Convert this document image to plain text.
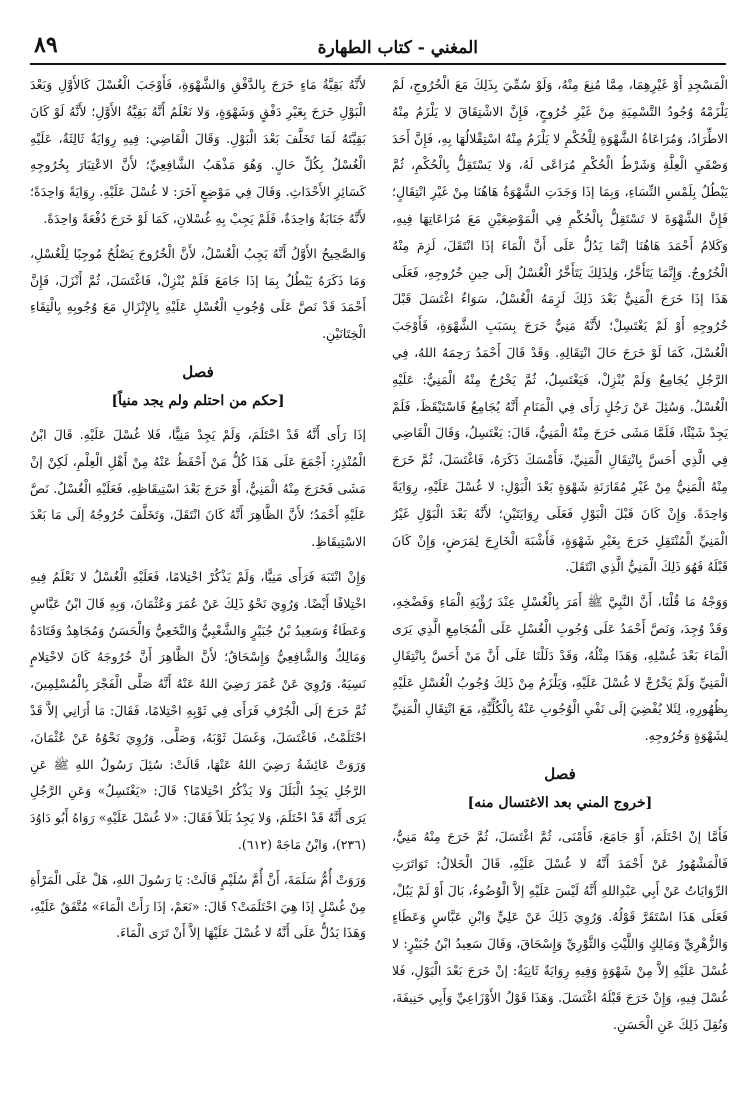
المغني - كتاب الطهارة
٨٩

الْمَسْجِدِ أَوْ غَيْرِهِمَا، مِمَّا مُنِعَ مِنْهُ، وَلَوْ سُمِّيَ بِذَلِكَ مَعَ الْخُرُوجِ، لَمْ يَلْزَمْهُ وُجُودُ التَّسْمِيَةِ مِنْ غَيْرِ خُرُوجٍ، فَإِنَّ الاشْتِقَاقَ لا يَلْزَمُ مِنْهُ الاطِّرَادُ، وَمُرَاعَاةُ الشَّهْوَةِ لِلْحُكْمِ لا يَلْزَمُ مِنْهُ اسْتِقْلالُهَا بِهِ، فَإِنَّ أَحَدَ وَصْفَيِ الْعِلَّةِ وَشَرْطُ الْحُكْمِ مُرَاعًى لَهُ، وَلا يَسْتَقِلُّ بِالْحُكْمِ، ثُمَّ يَبْطُلُ بِلَمْسِ النِّسَاءِ، وَبِمَا إذَا وَجَدَتِ الشَّهْوَةُ هَاهُنَا مِنْ غَيْرِ انْتِقَالٍ؛ فَإِنَّ الشَّهْوَةَ لا تَسْتَقِلُّ بِالْحُكْمِ فِي الْمَوْضِعَيْنِ مَعَ مُرَاعَاتِهَا فِيهِ، وَكَلامُ أَحْمَدَ هَاهُنَا إنَّمَا يَدُلُّ عَلَى أَنَّ الْمَاءَ إذَا انْتَقَلَ، لَزِمَ مِنْهُ الْخُرُوجُ. وَإِنَّمَا يَتَأَخَّرُ، وَلِذَلِكَ يَتَأَخَّرُ الْغُسْلُ إلَى حِينِ خُرُوجِهِ، فَعَلَى هَذَا إذَا خَرَجَ الْمَنِيُّ بَعْدَ ذَلِكَ لَزِمَهُ الْغُسْلُ، سَوَاءٌ اغْتَسَلَ قَبْلَ خُرُوجِهِ أَوْ لَمْ يَغْتَسِلْ؛ لأَنَّهُ مَنِيٌّ خَرَجَ بِسَبَبِ الشَّهْوَةِ، فَأَوْجَبَ الْغُسْلَ، كَمَا لَوْ خَرَجَ حَالَ انْتِقَالِهِ. وَقَدْ قَالَ أَحْمَدُ رَحِمَهُ اللهُ، فِي الرَّجُلِ يُجَامِعُ وَلَمْ يُنْزِلْ، فَيَغْتَسِلُ، ثُمَّ يَخْرُجُ مِنْهُ الْمَنِيُّ: عَلَيْهِ الْغُسْلُ. وَسُئِلَ عَنْ رَجُلٍ رَأَى فِي الْمَنَامِ أَنَّهُ يُجَامِعُ فَاسْتَيْقَظَ، فَلَمْ يَجِدْ شَيْئًا، فَلَمَّا مَشَى خَرَجَ مِنْهُ الْمَنِيُّ، قَالَ: يَغْتَسِلُ، وَقَالَ الْقَاضِي فِي الَّذِي أَحَسَّ بِانْتِقَالِ الْمَنِيِّ، فَأَمْسَكَ ذَكَرَهُ، فَاغْتَسَلَ، ثُمَّ خَرَجَ مِنْهُ الْمَنِيُّ مِنْ غَيْرِ مُقَارَنَةِ شَهْوَةٍ بَعْدَ الْبَوْلِ: لا غُسْلَ عَلَيْهِ، رِوَايَةً وَاحِدَةً. وَإِنْ كَانَ قَبْلَ الْبَوْلِ فَعَلَى رِوَايَتَيْنِ؛ لأَنَّهُ بَعْدَ الْبَوْلِ غَيْرُ الْمَنِيِّ الْمُنْتَقِلِ خَرَجَ بِغَيْرِ شَهْوَةٍ، فَأَشْبَهَ الْخَارِجَ لِمَرَضٍ، وَإِنْ كَانَ قَبْلَهُ فَهُوَ ذَلِكَ الْمَنِيُّ الَّذِي انْتَقَلَ.

وَوَجْهُ مَا قُلْنَا، أَنَّ النَّبِيَّ ﷺ أَمَرَ بِالْغُسْلِ عِنْدَ رُؤْيَةِ الْمَاءِ وَفَضْخِهِ، وَقَدْ وُجِدَ، وَنَصَّ أَحْمَدُ عَلَى وُجُوبِ الْغُسْلِ عَلَى الْمُجَامِعِ الَّذِي يَرَى الْمَاءَ بَعْدَ غُسْلِهِ، وَهَذَا مِثْلُهُ، وَقَدْ دَلَلْنَا عَلَى أَنَّ مَنْ أَحَسَّ بِانْتِقَالِ الْمَنِيِّ وَلَمْ يَخْرُجْ لا غُسْلَ عَلَيْهِ، وَيَلْزَمُ مِنْ ذَلِكَ وُجُوبُ الْغُسْلِ عَلَيْهِ بِظُهُورِهِ، لِئَلا يُفْضِيَ إلَى نَفْيِ الْوُجُوبِ عَنْهُ بِالْكُلِّيَّةِ، مَعَ انْتِقَالِ الْمَنِيِّ لِشَهْوَةٍ وَخُرُوجِهِ.

فصل
[خروج المني بعد الاغتسال منه]

فَأَمَّا إنْ احْتَلَمَ، أَوْ جَامَعَ، فَأَمْنَى، ثُمَّ اغْتَسَلَ، ثُمَّ خَرَجَ مِنْهُ مَنِيٌّ، فَالْمَشْهُورُ عَنْ أَحْمَدَ أَنَّهُ لا غُسْلَ عَلَيْهِ، قَالَ الْخَلالُ: تَوَاتَرَتِ الرِّوَايَاتُ عَنْ أَبِي عَبْدِاللهِ أَنَّهُ لَيْسَ عَلَيْهِ إلاَّ الْوُضُوءُ، بَالَ أَوْ لَمْ يَبُلْ، فَعَلَى هَذَا اسْتَقَرَّ قَوْلُهُ. وَرُوِيَ ذَلِكَ عَنْ عَلِيٍّ وَابْنِ عَبَّاسٍ وَعَطَاءٍ وَالزُّهْرِيِّ وَمَالِكٍ وَاللَّيْثِ وَالثَّوْرِيِّ وَإِسْحَاقَ، وَقَالَ سَعِيدُ ابْنُ جُبَيْرٍ: لا غُسْلَ عَلَيْهِ إلاَّ مِنْ شَهْوَةٍ وَفِيهِ رِوَايَةٌ ثَانِيَةٌ: إنْ خَرَجَ بَعْدَ الْبَوْلِ، فَلا غُسْلَ فِيهِ، وَإِنْ خَرَجَ قَبْلَهُ اغْتَسَلَ. وَهَذَا قَوْلُ الأَوْزَاعِيِّ وَأَبِي حَنِيفَةَ، وَنُقِلَ ذَلِكَ عَنِ الْحَسَنِ.

لأَنَّهُ بَقِيَّةُ مَاءٍ خَرَجَ بِالدَّفْقِ وَالشَّهْوَةِ، فَأَوْجَبَ الْغُسْلَ كَالأَوَّلِ وَبَعْدَ الْبَوْلِ خَرَجَ بِغَيْرِ دَفْقٍ وَشَهْوَةٍ، وَلا نَعْلَمُ أَنَّهُ بَقِيَّةُ الأَوَّلِ؛ لأَنَّهُ لَوْ كَانَ بَقِيَّتَهُ لَمَا تَخَلَّفَ بَعْدَ الْبَوْلِ. وَقَالَ الْقَاضِي: فِيهِ رِوَايَةٌ ثَالِثَةٌ، عَلَيْهِ الْغُسْلُ بِكُلِّ حَالٍ. وَهُوَ مَذْهَبُ الشَّافِعِيِّ؛ لأَنَّ الاعْتِبَارَ بِخُرُوجِهِ كَسَائِرِ الأَحْدَاثِ. وَقَالَ فِي مَوْضِعٍ آخَرَ: لا غُسْلَ عَلَيْهِ. رِوَايَةً وَاحِدَةً؛ لأَنَّهُ جَنَابَةٌ وَاحِدَةٌ، فَلَمْ يَجِبْ بِهِ غُسْلانِ، كَمَا لَوْ خَرَجَ دُفْعَةً وَاحِدَةً.

وَالصَّحِيحُ الأَوَّلُ أَنَّهُ يَجِبُ الْغُسْلُ، لأَنَّ الْخُرُوجَ يَصْلُحُ مُوجِبًا لِلْغُسْلِ، وَمَا ذَكَرَهُ يَبْطُلُ بِمَا إذَا جَامَعَ فَلَمْ يُنْزِلْ، فَاغْتَسَلَ، ثُمَّ أَنْزَلَ، فَإِنَّ أَحْمَدَ قَدْ نَصَّ عَلَى وُجُوبِ الْغُسْلِ عَلَيْهِ بِالإِنْزَالِ مَعَ وُجُوبِهِ بِالْتِقَاءِ الْخِتَانَيْنِ.

فصل
[حكم من احتلم ولم يجد منياً]

إذَا رَأَى أَنَّهُ قَدْ احْتَلَمَ، وَلَمْ يَجِدْ مَنِيًّا، فَلا غُسْلَ عَلَيْهِ. قَالَ ابْنُ الْمُنْذِرِ: أَجْمَعَ عَلَى هَذَا كُلُّ مَنْ أَحْفَظُ عَنْهُ مِنْ أَهْلِ الْعِلْمِ، لَكِنْ إنْ مَشَى فَخَرَجَ مِنْهُ الْمَنِيُّ، أَوْ خَرَجَ بَعْدَ اسْتِيقَاظِهِ، فَعَلَيْهِ الْغُسْلُ. نَصَّ عَلَيْهِ أَحْمَدُ؛ لأَنَّ الظَّاهِرَ أَنَّهُ كَانَ انْتَقَلَ، وَتَخَلَّفَ خُرُوجُهُ إلَى مَا بَعْدَ الاسْتِيقَاظِ.

وَإِنْ انْتَبَهَ فَرَأَى مَنِيًّا، وَلَمْ يَذْكُرْ احْتِلامًا، فَعَلَيْهِ الْغُسْلُ لا نَعْلَمُ فِيهِ اخْتِلافًا أَيْضًا. وَرُوِيَ نَحْوُ ذَلِكَ عَنْ عُمَرَ وَعُثْمَانَ، وَبِهِ قَالَ ابْنُ عَبَّاسٍ وَعَطَاءٌ وَسَعِيدُ بْنُ جُبَيْرٍ وَالشَّعْبِيُّ وَالنَّخَعِيُّ وَالْحَسَنُ وَمُجَاهِدٌ وَقَتَادَةُ وَمَالِكٌ وَالشَّافِعِيُّ وَإِسْحَاقُ؛ لأَنَّ الظَّاهِرَ أَنَّ خُرُوجَهُ كَانَ لاحْتِلامٍ نَسِيَهُ. وَرُوِيَ عَنْ عُمَرَ رَضِيَ اللهُ عَنْهُ أَنَّهُ صَلَّى الْفَجْرَ بِالْمُسْلِمِينَ، ثُمَّ خَرَجَ إلَى الْجُرْفِ فَرَأَى فِي ثَوْبِهِ احْتِلامًا، فَقَالَ: مَا أَرَانِي إلاَّ قَدْ احْتَلَمْتُ، فَاغْتَسَلَ، وَغَسَلَ ثَوْبَهُ، وَصَلَّى. وَرُوِيَ نَحْوُهُ عَنْ عُثْمَانَ، وَرَوَتْ عَائِشَةُ رَضِيَ اللهُ عَنْهَا، قَالَتْ: سُئِلَ رَسُولُ اللهِ ﷺ عَنِ الرَّجُلِ يَجِدُ الْبَلَلَ وَلا يَذْكُرُ احْتِلامًا؟ قَالَ: «يَغْتَسِلُ» وَعَنِ الرَّجُلِ يَرَى أَنَّهُ قَدْ احْتَلَمَ، وَلا يَجِدُ بَلَلاً فَقَالَ: «لا غُسْلَ عَلَيْهِ» رَوَاهُ أَبُو دَاوُدَ (٢٣٦)، وَابْنُ مَاجَهْ (٦١٢).

وَرَوَتْ أُمُّ سَلَمَةَ، أَنَّ أُمَّ سُلَيْمٍ قَالَتْ: يَا رَسُولَ اللهِ، هَلْ عَلَى الْمَرْأَةِ مِنْ غُسْلٍ إذَا هِيَ احْتَلَمَتْ؟ قَالَ: «نَعَمْ، إذَا رَأَتْ الْمَاءَ» مُتَّفَقٌ عَلَيْهِ، وَهَذَا يَدُلُّ عَلَى أَنَّهُ لا غُسْلَ عَلَيْهَا إلاَّ أَنْ تَرَى الْمَاءَ.
